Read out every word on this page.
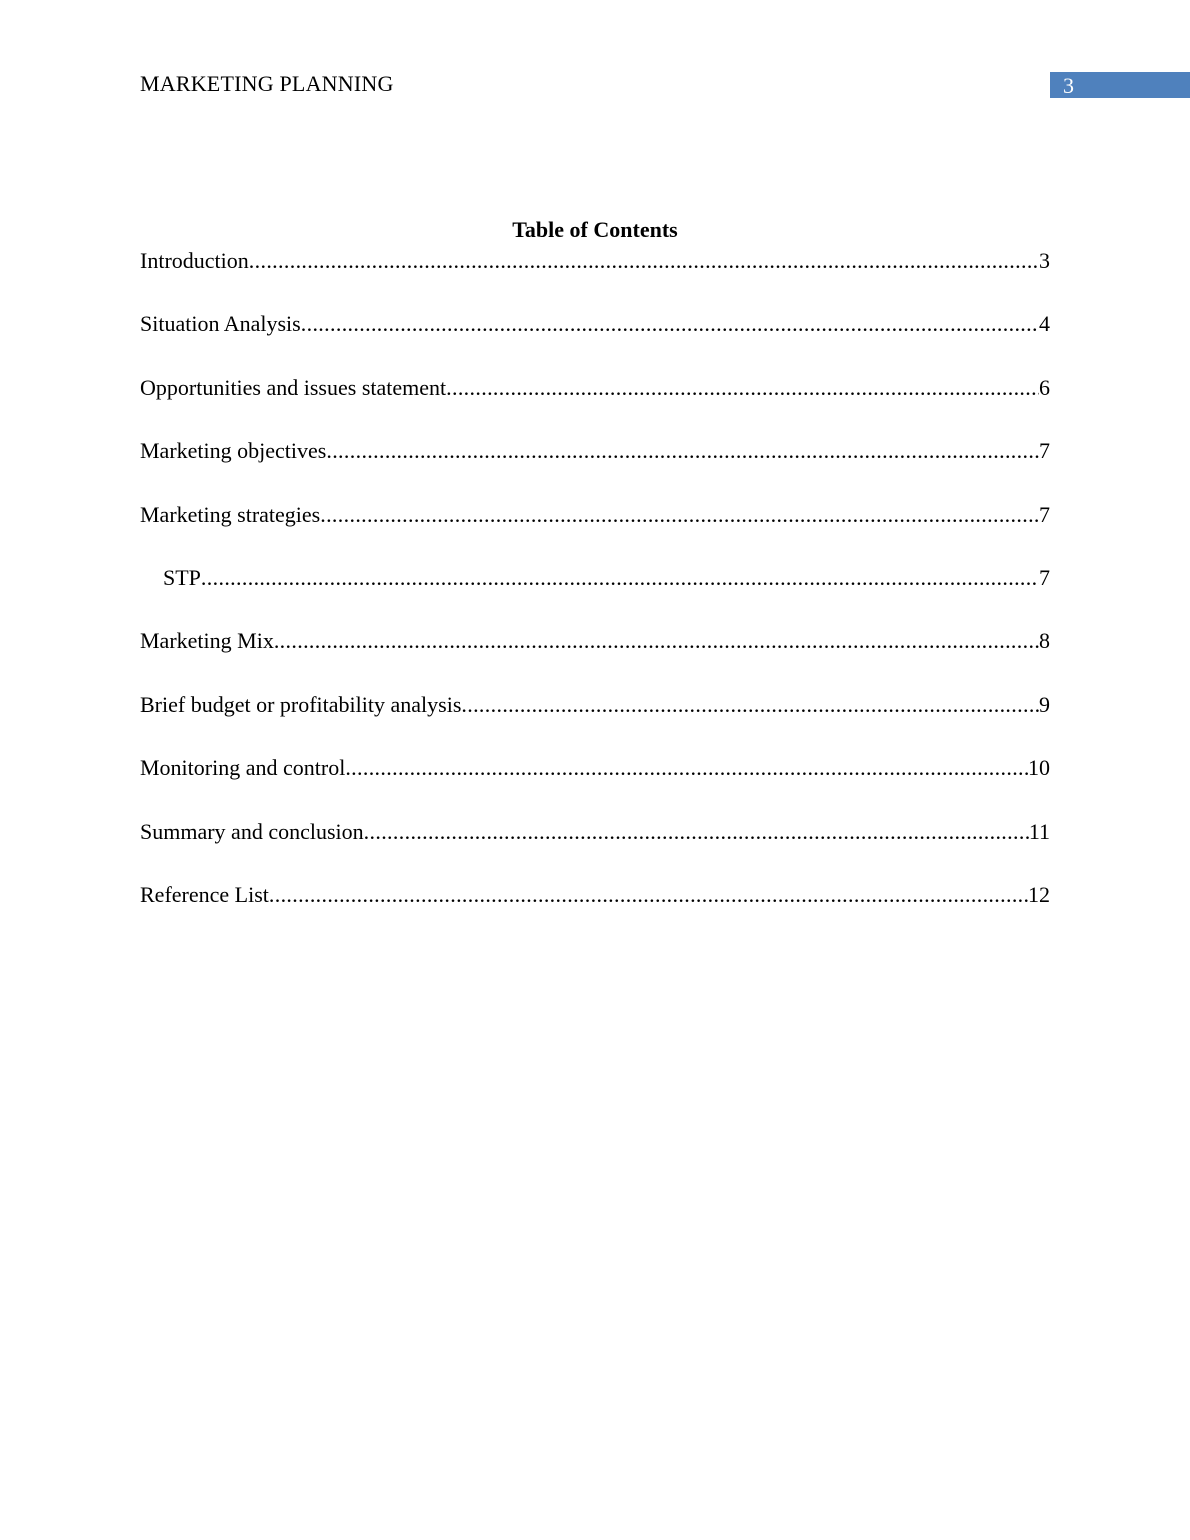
MARKETING PLANNING	3
Table of Contents
Introduction .....	3
Situation Analysis .....	4
Opportunities and issues statement .....	6
Marketing objectives .....	7
Marketing strategies .....	7
STP .....	7
Marketing Mix .....	8
Brief budget or profitability analysis .....	9
Monitoring and control .....	10
Summary and conclusion .....	11
Reference List .....	12
